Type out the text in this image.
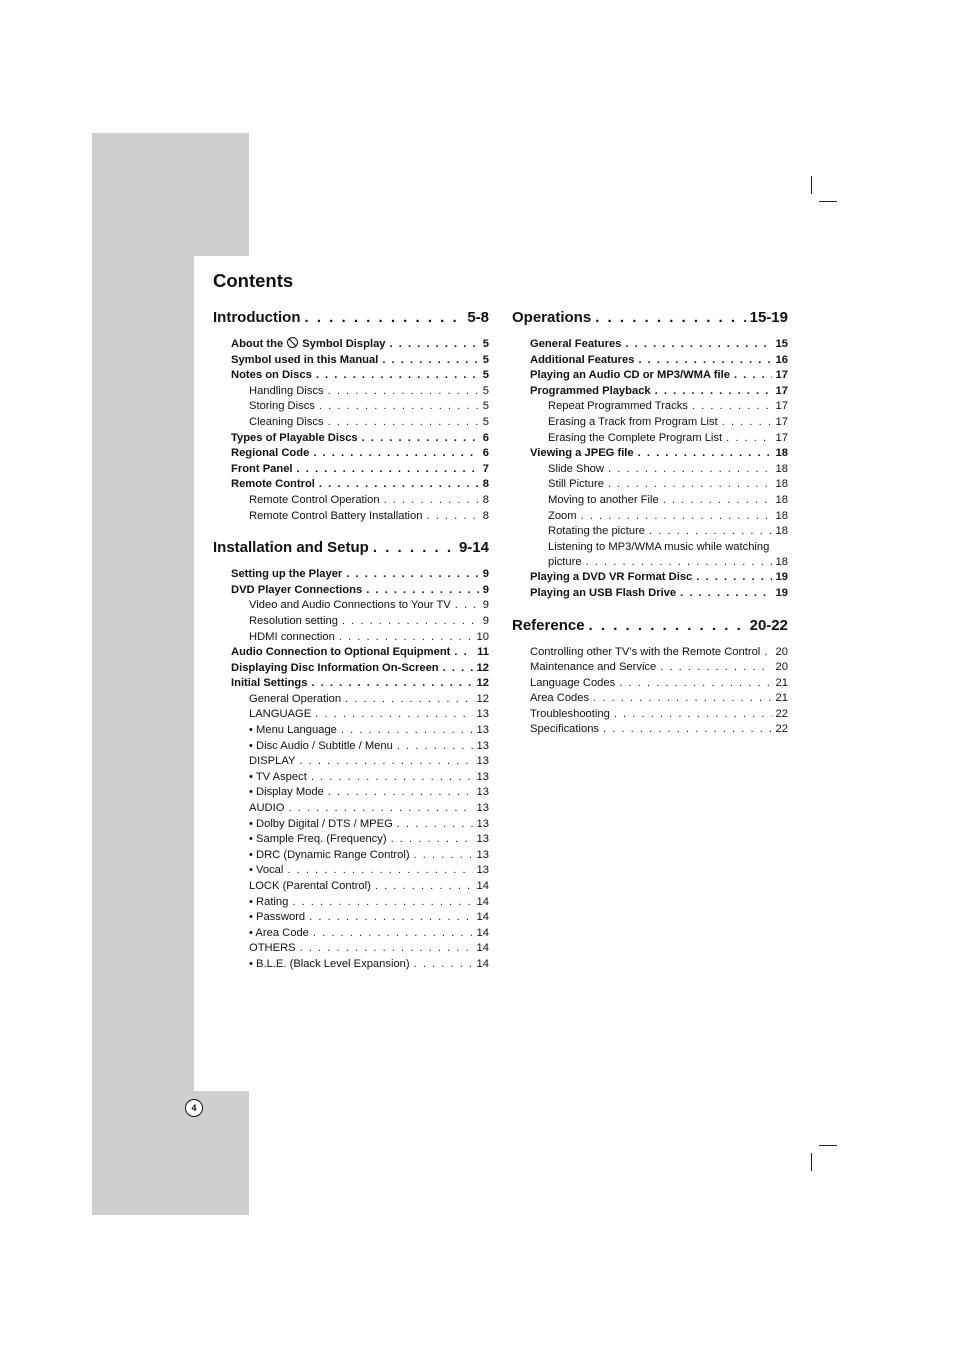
Contents
Introduction . . .	5-8
About the Symbol Display . . .	5
Symbol used in this Manual . . .	5
Notes on Discs . . .	5
Handling Discs . . .	5
Storing Discs . . .	5
Cleaning Discs . . .	5
Types of Playable Discs . . .	6
Regional Code . . .	6
Front Panel . . .	7
Remote Control . . .	8
Remote Control Operation . . .	8
Remote Control Battery Installation . . .	8
Installation and Setup . . .	9-14
Setting up the Player . . .	9
DVD Player Connections . . .	9
Video and Audio Connections to Your TV . . .	9
Resolution setting . . .	9
HDMI connection . . .	10
Audio Connection to Optional Equipment . . . 11
Displaying Disc Information On-Screen . . .	12
Initial Settings . . .	12
General Operation . . .	12
LANGUAGE . . .	13
• Menu Language . . .	13
• Disc Audio / Subtitle / Menu . . .	13
DISPLAY . . .	13
• TV Aspect . . .	13
• Display Mode . . .	13
AUDIO . . .	13
• Dolby Digital / DTS / MPEG . . .	13
• Sample Freq. (Frequency) . . .	13
• DRC (Dynamic Range Control) . . .	13
• Vocal . . .	13
LOCK (Parental Control) . . .	14
• Rating . . .	14
• Password . . .	14
• Area Code . . .	14
OTHERS . . .	14
• B.L.E. (Black Level Expansion) . . .	14
Operations . . .	15-19
General Features . . .	15
Additional Features . . .	16
Playing an Audio CD or MP3/WMA file . . .	17
Programmed Playback . . .	17
Repeat Programmed Tracks . . .	17
Erasing a Track from Program List . . .	17
Erasing the Complete Program List . . .	17
Viewing a JPEG file . . .	18
Slide Show . . .	18
Still Picture . . .	18
Moving to another File . . .	18
Zoom . . .	18
Rotating the picture . . .	18
Listening to MP3/WMA music while watching
picture . . .	18
Playing a DVD VR Format Disc . . .	19
Playing an USB Flash Drive . . .	19
Reference . . .	20-22
Controlling other TV’s with the Remote Control . . . 20
Maintenance and Service . . .	20
Language Codes . . .	21
Area Codes . . .	21
Troubleshooting . . .	22
Specifications . . .	22
4
